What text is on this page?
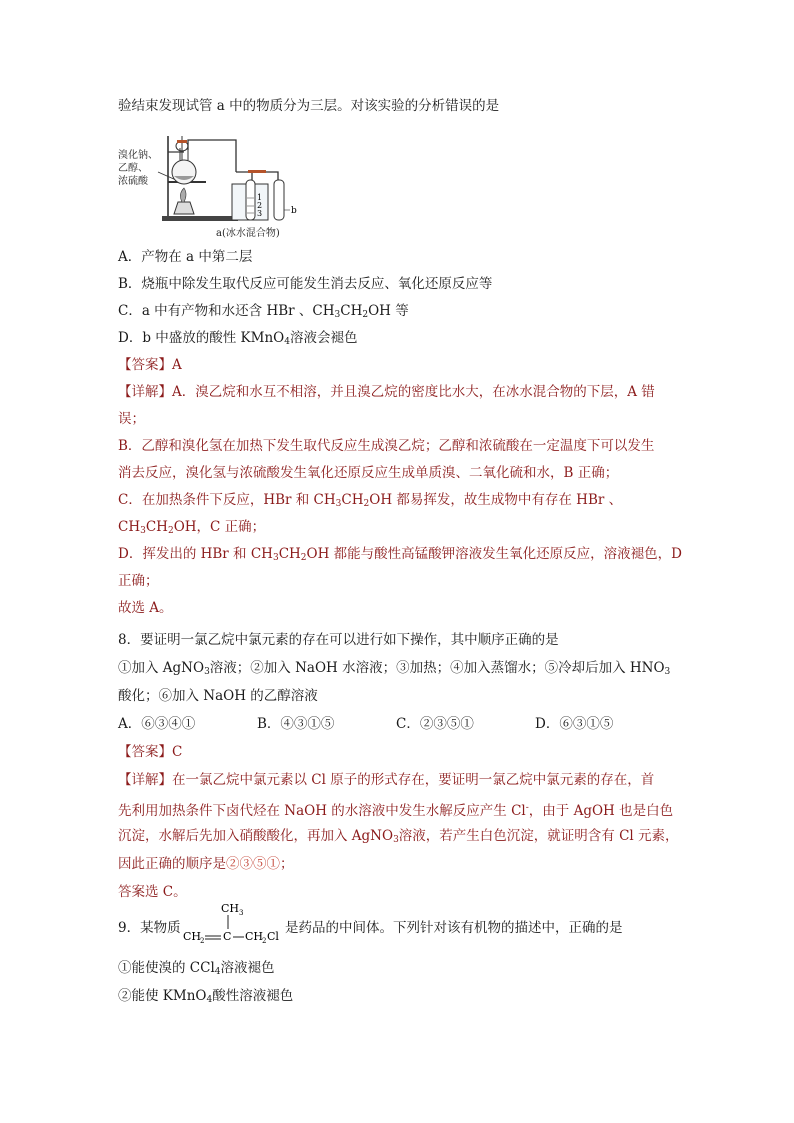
验结束发现试管 a 中的物质分为三层。对该实验的分析错误的是
溴化钠、
乙醇、
浓硫酸
1
2
3	b
a(冰水混合物)
A．产物在 a 中第二层
B．烧瓶中除发生取代反应可能发生消去反应、氧化还原反应等
C．a 中有产物和水还含 HBr 、$CH_3CH_2OH$ 等
D．b 中盛放的酸性 KMnO$_4$溶液会褪色
【答案】A
【详解】A．溴乙烷和水互不相溶，并且溴乙烷的密度比水大，在冰水混合物的下层，A 错
误；
B．乙醇和溴化氢在加热下发生取代反应生成溴乙烷；乙醇和浓硫酸在一定温度下可以发生
消去反应，溴化氢与浓硫酸发生氧化还原反应生成单质溴、二氧化硫和水，B 正确；
C．在加热条件下反应，HBr 和 $CH_3CH_2OH$ 都易挥发，故生成物中有存在 HBr 、
$CH_3CH_2OH$，C 正确；
D．挥发出的 HBr 和 $CH_3CH_2OH$ 都能与酸性高锰酸钾溶液发生氧化还原反应，溶液褪色，D
正确；
故选 A。
8．要证明一氯乙烷中氯元素的存在可以进行如下操作，其中顺序正确的是
①加入 AgNO$_3$溶液；②加入 NaOH 水溶液；③加热；④加入蒸馏水；⑤冷却后加入 $HNO_3$
酸化；⑥加入 NaOH 的乙醇溶液
A．⑥③④①	B．④③①⑤	C．②③⑤①	D．⑥③①⑤
【答案】C
【详解】在一氯乙烷中氯元素以 Cl 原子的形式存在，要证明一氯乙烷中氯元素的存在，首
先利用加热条件下卤代烃在 NaOH 的水溶液中发生水解反应产生 Cl-，由于 AgOH 也是白色
沉淀，水解后先加入硝酸酸化，再加入 AgNO$_3$溶液，若产生白色沉淀，就证明含有 Cl 元素，
因此正确的顺序是②③⑤①；
答案选 C。
9．某物质
CH 3
CH
2 C CH
2 Cl
是药品的中间体。下列针对该有机物的描述中，正确的是
①能使溴的 CCl$_4$溶液褪色
②能使 KMnO$_4$酸性溶液褪色
